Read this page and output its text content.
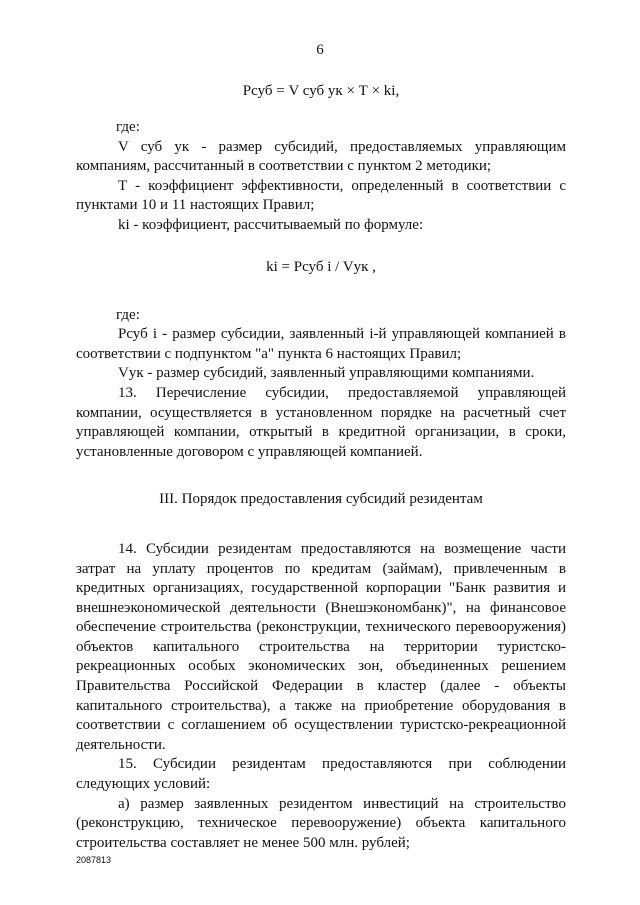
6
Рсуб = V суб ук × Т × ki,

где:

V суб ук - размер субсидий, предоставляемых управляющим компаниям, рассчитанный в соответствии с пунктом 2 методики;

Т - коэффициент эффективности, определенный в соответствии с пунктами 10 и 11 настоящих Правил;

ki - коэффициент, рассчитываемый по формуле:

ki = Рсуб i / Vук ,

где:

Рсуб i - размер субсидии, заявленный i-й управляющей компанией в соответствии с подпунктом "а" пункта 6 настоящих Правил;

Vук - размер субсидий, заявленный управляющими компаниями.

13. Перечисление субсидии, предоставляемой управляющей компании, осуществляется в установленном порядке на расчетный счет управляющей компании, открытый в кредитной организации, в сроки, установленные договором с управляющей компанией.

III. Порядок предоставления субсидий резидентам

14. Субсидии резидентам предоставляются на возмещение части затрат на уплату процентов по кредитам (займам), привлеченным в кредитных организациях, государственной корпорации "Банк развития и внешнеэкономической деятельности (Внешэкономбанк)", на финансовое обеспечение строительства (реконструкции, технического перевооружения) объектов капитального строительства на территории туристско-рекреационных особых экономических зон, объединенных решением Правительства Российской Федерации в кластер (далее - объекты капитального строительства), а также на приобретение оборудования в соответствии с соглашением об осуществлении туристско-рекреационной деятельности.

15. Субсидии резидентам предоставляются при соблюдении следующих условий:

а) размер заявленных резидентом инвестиций на строительство (реконструкцию, техническое перевооружение) объекта капитального строительства составляет не менее 500 млн. рублей;

2087813
